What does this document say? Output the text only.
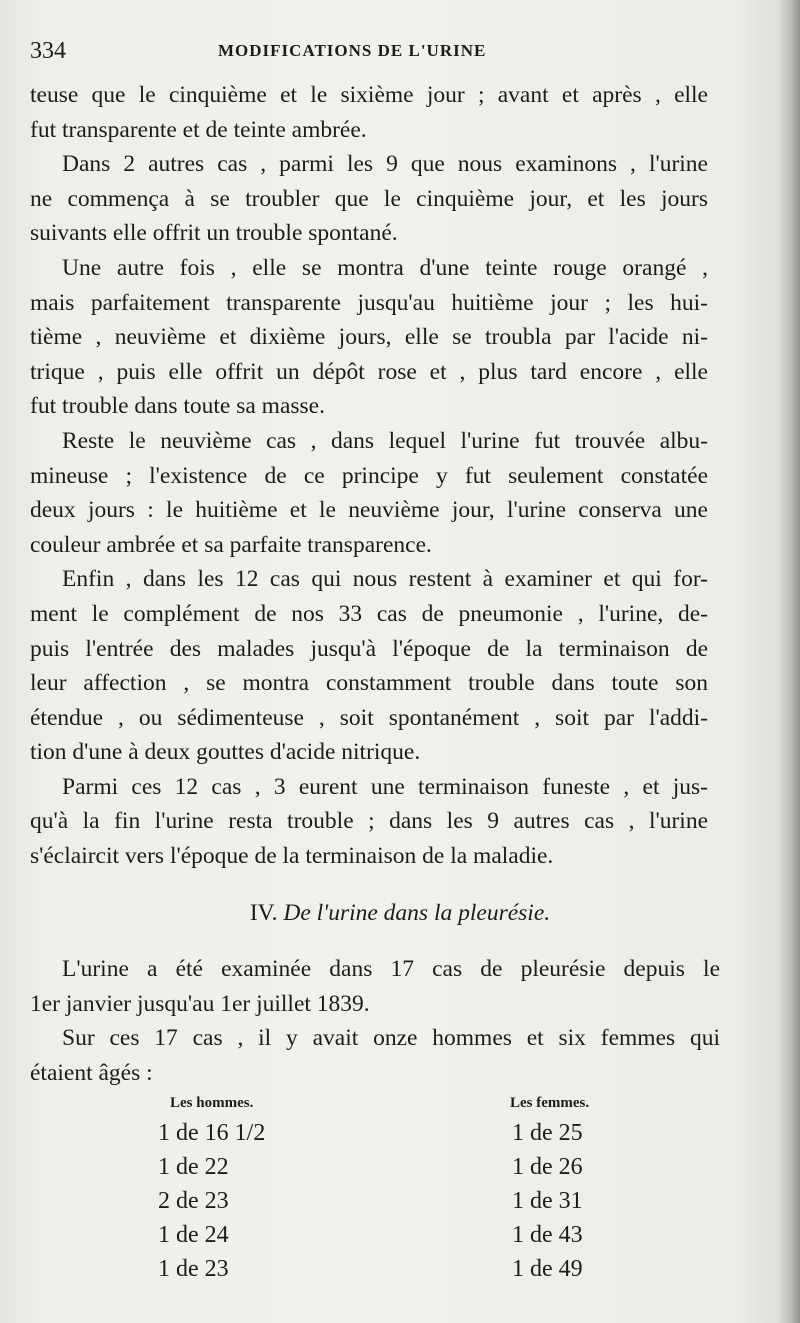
334	MODIFICATIONS DE L'URINE

teuse que le cinquième et le sixième jour ; avant et après , elle
fut transparente et de teinte ambrée.

Dans 2 autres cas , parmi les 9 que nous examinons , l'urine
ne commença à se troubler que le cinquième jour, et les jours
suivants elle offrit un trouble spontané.

Une autre fois , elle se montra d'une teinte rouge orangé ,
mais parfaitement transparente jusqu'au huitième jour ; les hui-
tième , neuvième et dixième jours, elle se troubla par l'acide ni-
trique , puis elle offrit un dépôt rose et , plus tard encore , elle
fut trouble dans toute sa masse.

Reste le neuvième cas , dans lequel l'urine fut trouvée albu-
mineuse ; l'existence de ce principe y fut seulement constatée
deux jours : le huitième et le neuvième jour, l'urine conserva une
couleur ambrée et sa parfaite transparence.

Enfin , dans les 12 cas qui nous restent à examiner et qui for-
ment le complément de nos 33 cas de pneumonie , l'urine, de-
puis l'entrée des malades jusqu'à l'époque de la terminaison de
leur affection , se montra constamment trouble dans toute son
étendue , ou sédimenteuse , soit spontanément , soit par l'addi-
tion d'une à deux gouttes d'acide nitrique.

Parmi ces 12 cas , 3 eurent une terminaison funeste , et jus-
qu'à la fin l'urine resta trouble ; dans les 9 autres cas , l'urine
s'éclaircit vers l'époque de la terminaison de la maladie.

IV. De l'urine dans la pleurésie.

L'urine a été examinée dans 17 cas de pleurésie depuis le
1er janvier jusqu'au 1er juillet 1839.

Sur ces 17 cas , il y avait onze hommes et six femmes qui
étaient âgés :

Les hommes.
1 de 16 1/2
1 de 22
2 de 23
1 de 24
1 de 23
Les femmes.
1 de 25
1 de 26
1 de 31
1 de 43
1 de 49
